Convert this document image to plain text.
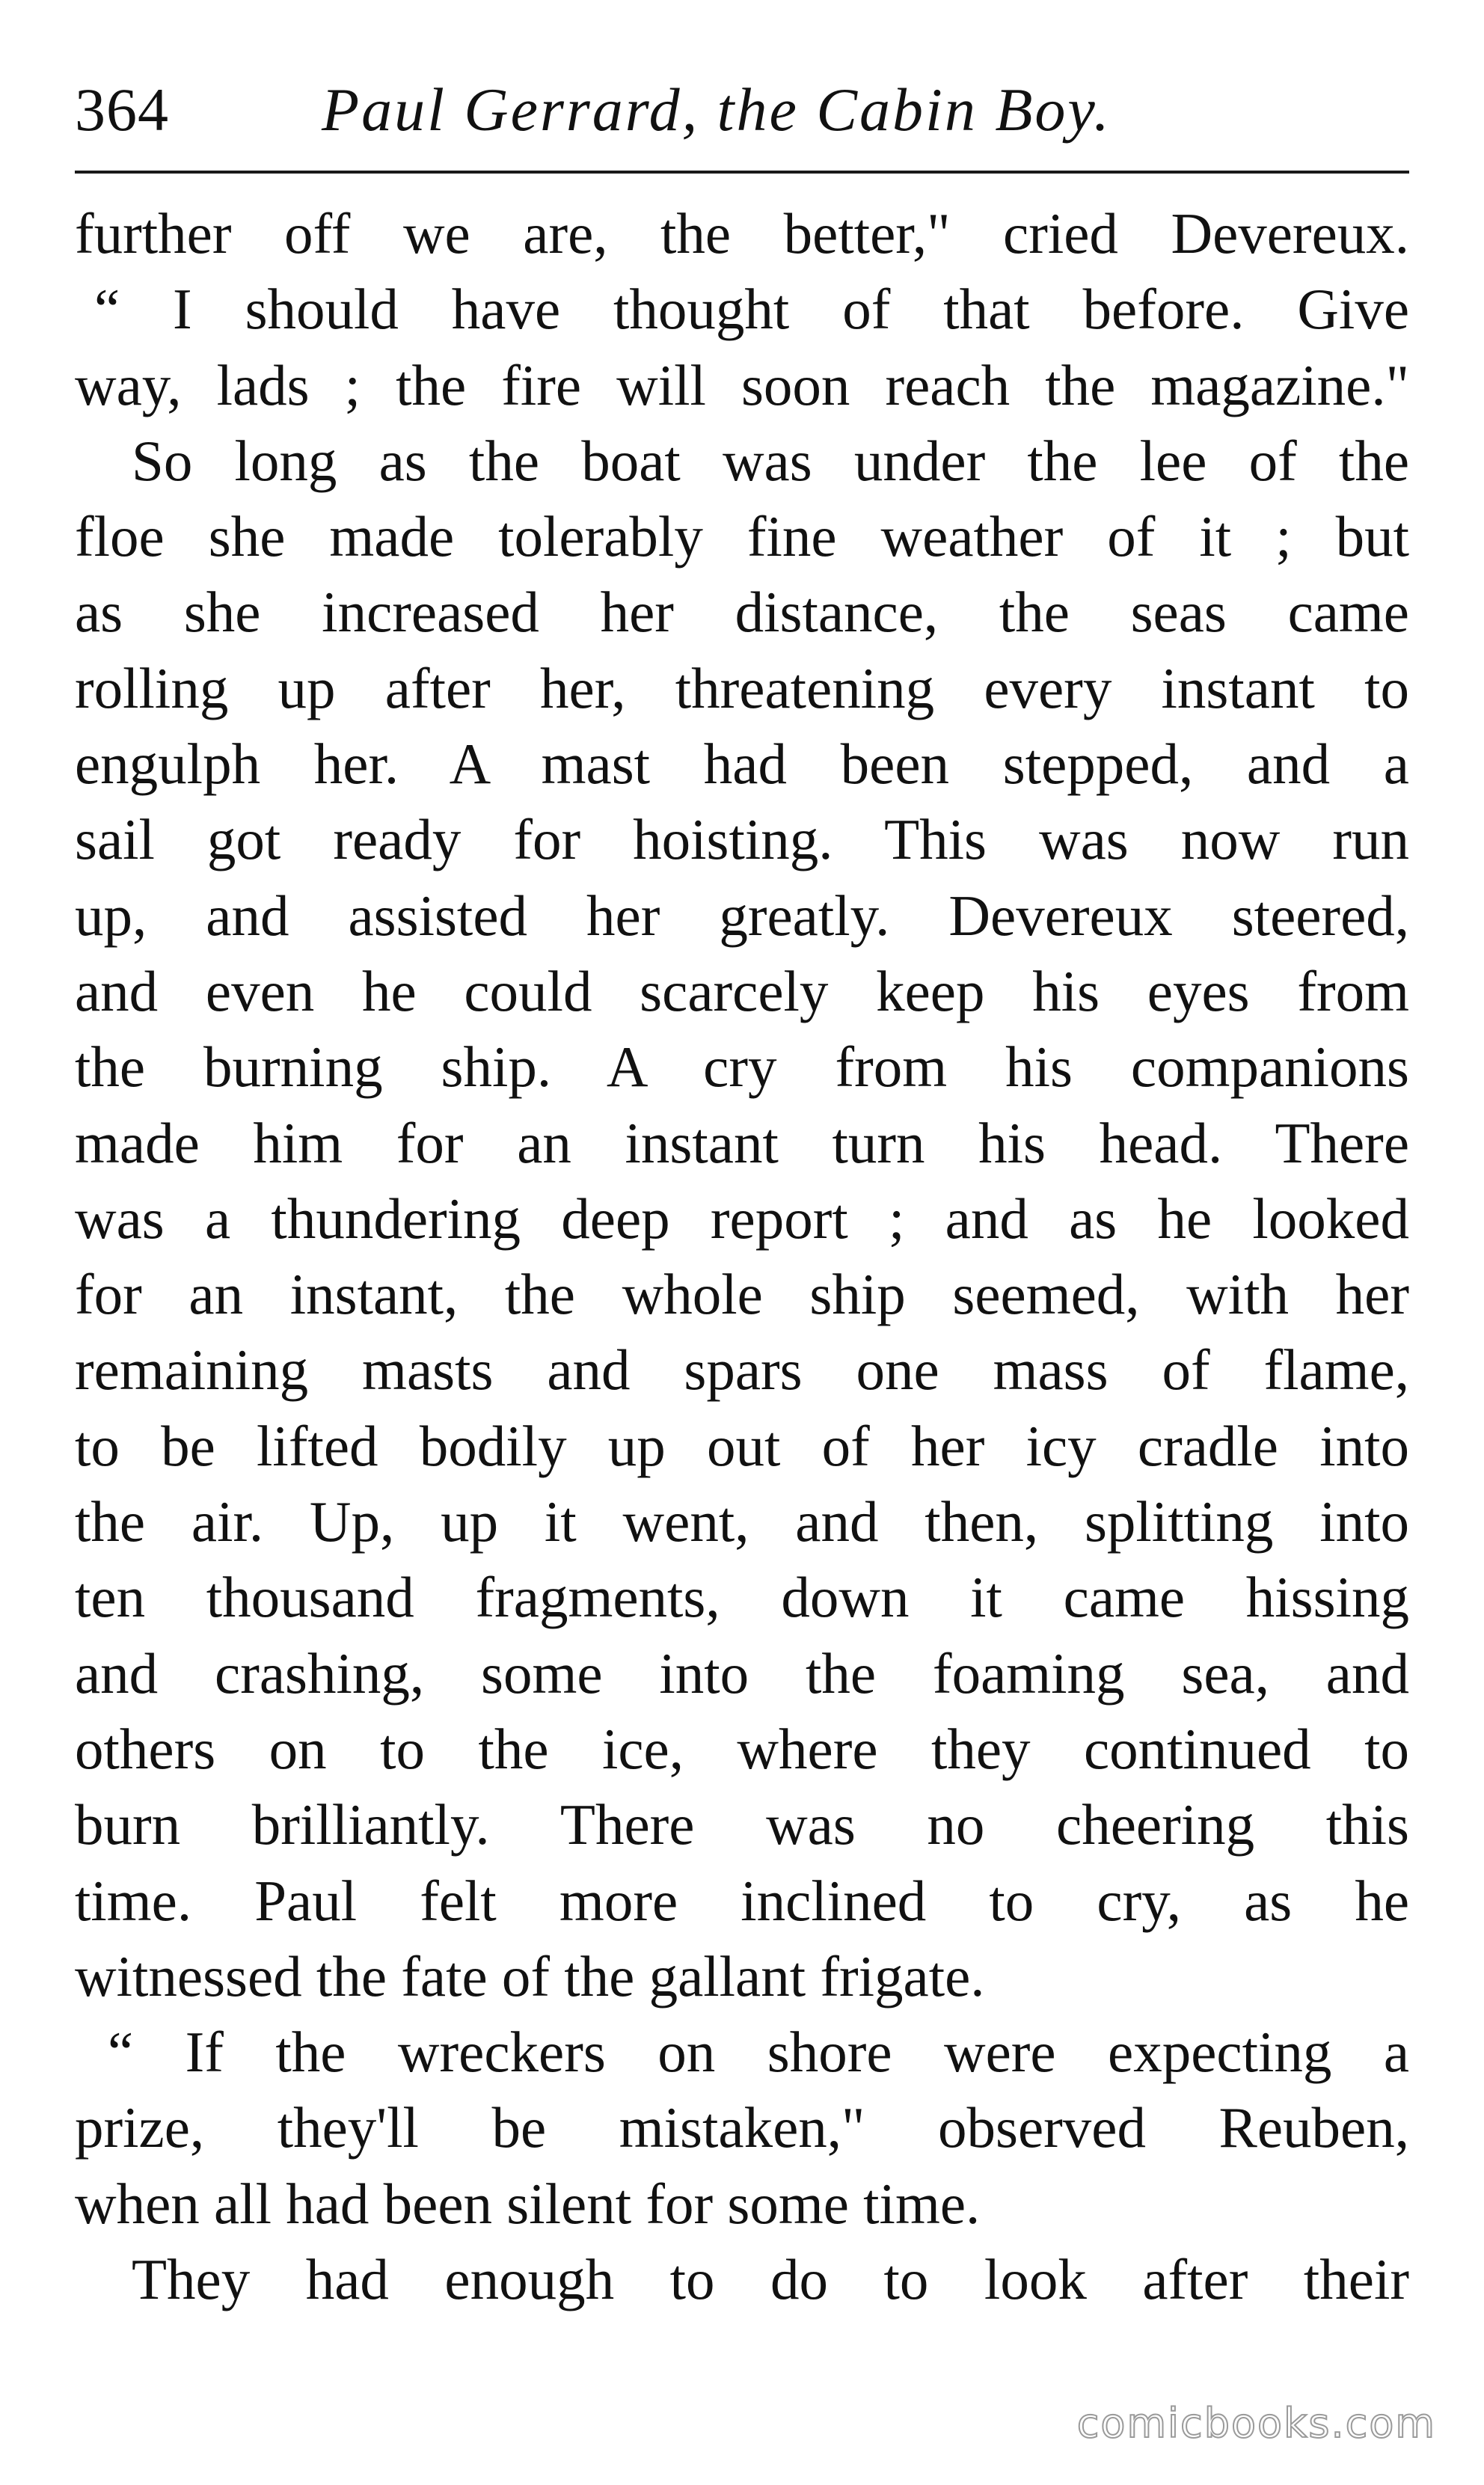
364 Paul Gerrard, the Cabin Boy.
further off we are, the better," cried Devereux.
“ I should have thought of that before. Give
way, lads ; the fire will soon reach the magazine."
So long as the boat was under the lee of the
floe she made tolerably fine weather of it ; but
as she increased her distance, the seas came
rolling up after her, threatening every instant to
engulph her. A mast had been stepped, and a
sail got ready for hoisting. This was now run
up, and assisted her greatly. Devereux steered,
and even he could scarcely keep his eyes from
the burning ship. A cry from his companions
made him for an instant turn his head. There
was a thundering deep report ; and as he looked
for an instant, the whole ship seemed, with her
remaining masts and spars one mass of flame,
to be lifted bodily up out of her icy cradle into
the air. Up, up it went, and then, splitting into
ten thousand fragments, down it came hissing
and crashing, some into the foaming sea, and
others on to the ice, where they continued to
burn brilliantly. There was no cheering this
time. Paul felt more inclined to cry, as he
witnessed the fate of the gallant frigate.
“ If the wreckers on shore were expecting a
prize, they'll be mistaken," observed Reuben,
when all had been silent for some time.
They had enough to do to look after their
comicbooks.com
